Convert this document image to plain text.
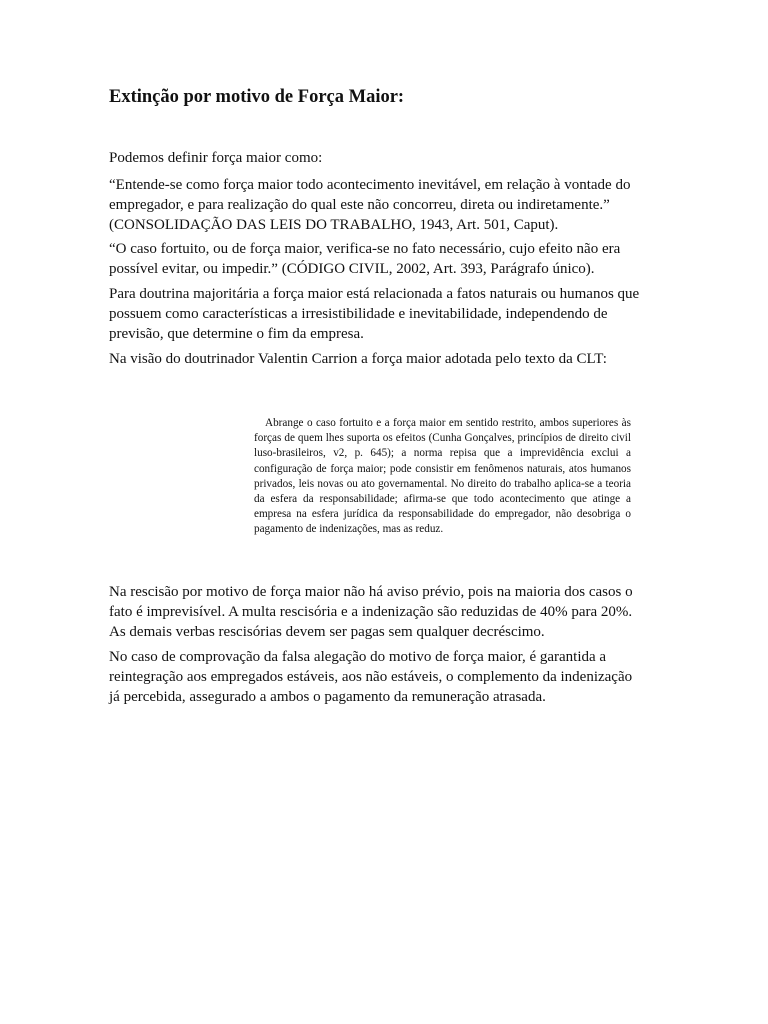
Extinção por motivo de Força Maior:

Podemos definir força maior como:

“Entende-se como força maior todo acontecimento inevitável, em relação à vontade do
empregador, e para realização do qual este não concorreu, direta ou indiretamente.”
(CONSOLIDAÇÃO DAS LEIS DO TRABALHO, 1943, Art. 501, Caput).

“O caso fortuito, ou de força maior, verifica-se no fato necessário, cujo efeito não era
possível evitar, ou impedir.” (CÓDIGO CIVIL, 2002, Art. 393, Parágrafo único).

Para doutrina majoritária a força maior está relacionada a fatos naturais ou humanos que
possuem como características a irresistibilidade e inevitabilidade, independendo de
previsão, que determine o fim da empresa.

Na visão do doutrinador Valentin Carrion a força maior adotada pelo texto da CLT:

Abrange o caso fortuito e a força maior em sentido restrito, ambos superiores às forças de quem lhes suporta os efeitos (Cunha Gonçalves, princípios de direito civil luso-brasileiros, v2, p. 645); a norma repisa que a imprevidência exclui a configuração de força maior; pode consistir em fenômenos naturais, atos humanos privados, leis novas ou ato governamental. No direito do trabalho aplica-se a teoria da esfera da responsabilidade; afirma-se que todo acontecimento que atinge a empresa na esfera jurídica da responsabilidade do empregador, não desobriga o pagamento de indenizações, mas as reduz.

Na rescisão por motivo de força maior não há aviso prévio, pois na maioria dos casos o
fato é imprevisível. A multa rescisória e a indenização são reduzidas de 40% para 20%.
As demais verbas rescisórias devem ser pagas sem qualquer decréscimo.

No caso de comprovação da falsa alegação do motivo de força maior, é garantida a
reintegração aos empregados estáveis, aos não estáveis, o complemento da indenização
já percebida, assegurado a ambos o pagamento da remuneração atrasada.
